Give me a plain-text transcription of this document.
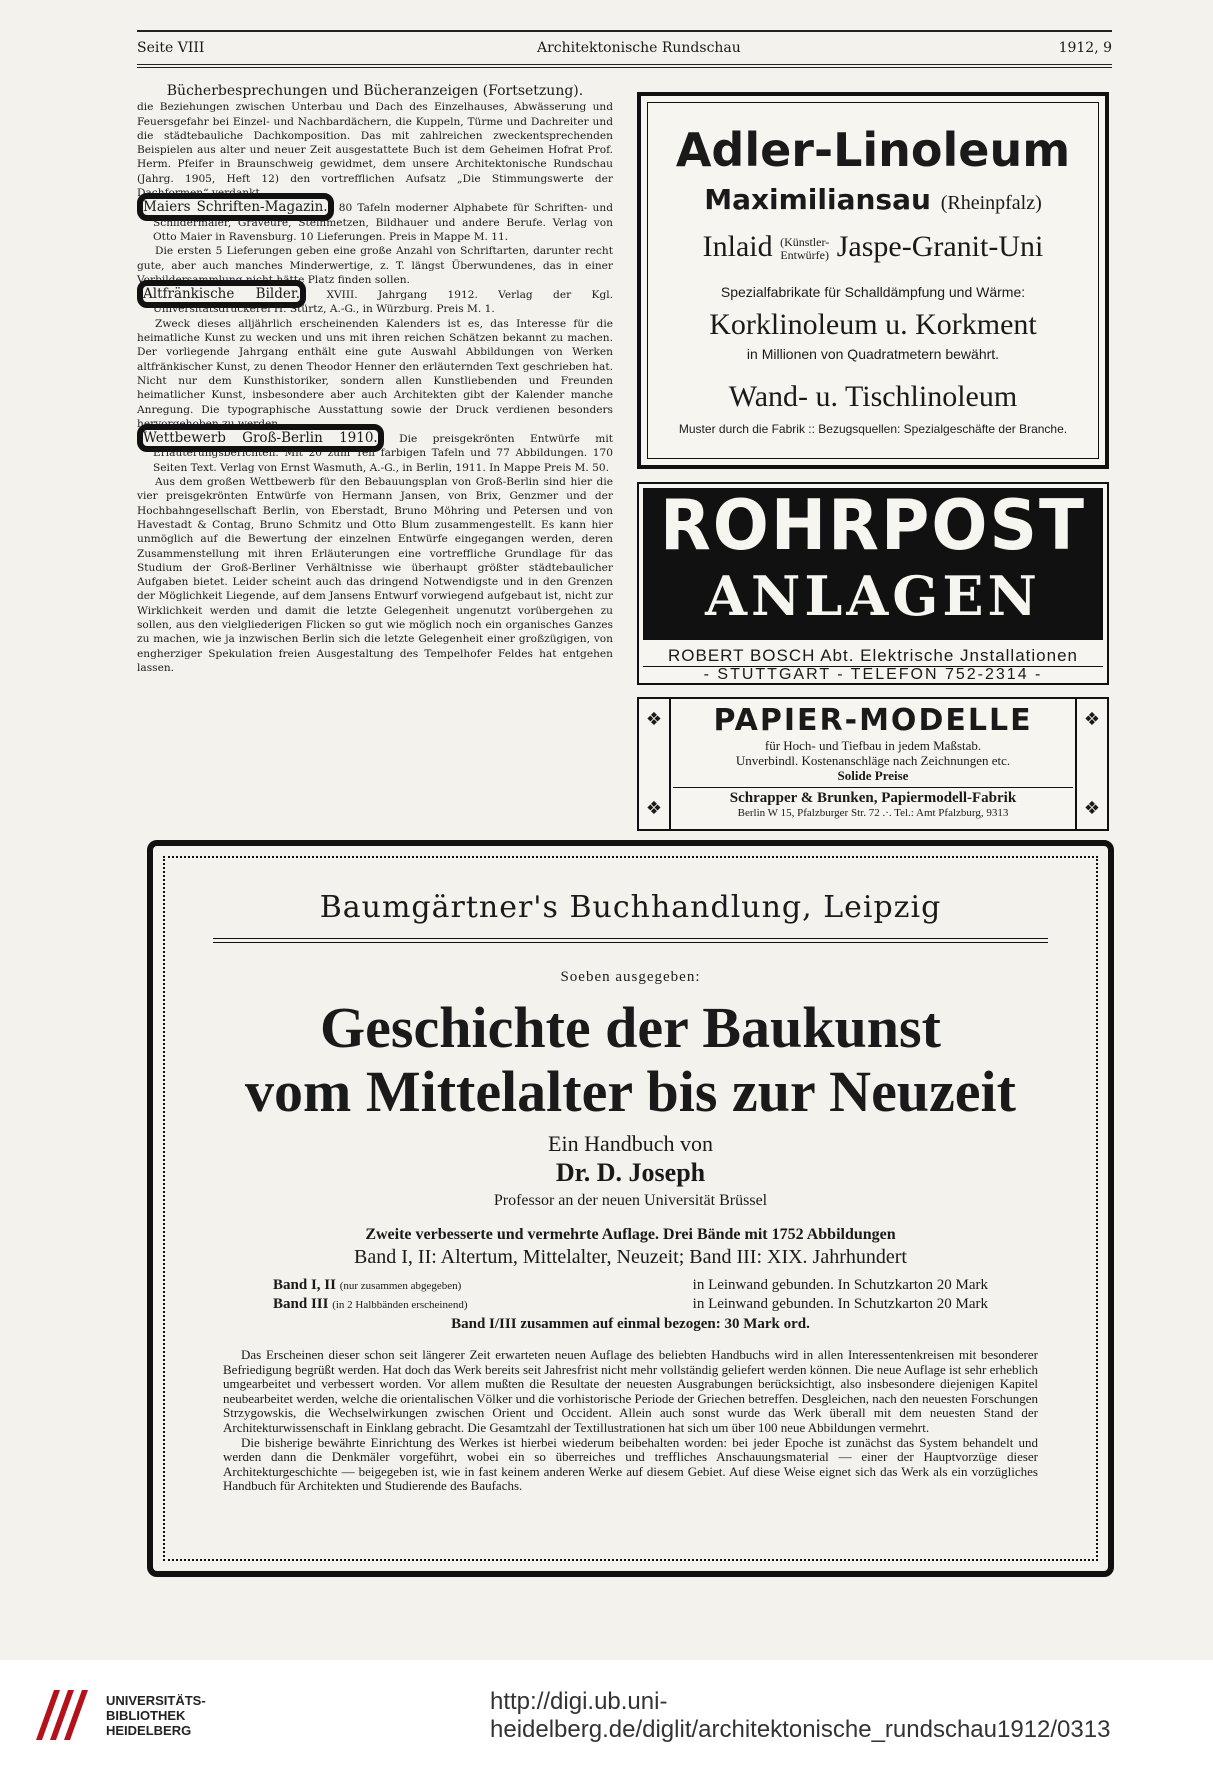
Seite VIII	Architektonische Rundschau	1912, 9
Bücherbesprechungen und Bücheranzeigen (Fortsetzung).

die Beziehungen zwischen Unterbau und Dach des Einzelhauses, Abwässerung und Feuersgefahr bei Einzel- und Nachbardächern, die Kuppeln, Türme und Dachreiter und die städtebauliche Dachkomposition. Das mit zahlreichen zweckentsprechenden Beispielen aus alter und neuer Zeit ausgestattete Buch ist dem Geheimen Hofrat Prof. Herm. Pfeifer in Braunschweig gewidmet, dem unsere Architektonische Rundschau (Jahrg. 1905, Heft 12) den vortrefflichen Aufsatz „Die Stimmungswerte der Dachformen“ verdankt.

Maiers Schriften-Magazin. 80 Tafeln moderner Alphabete für Schriften- und Schildermaler, Graveure, Steinmetzen, Bildhauer und andere Berufe. Verlag von Otto Maier in Ravensburg. 10 Lieferungen. Preis in Mappe M. 11.

Die ersten 5 Lieferungen geben eine große Anzahl von Schriftarten, darunter recht gute, aber auch manches Minderwertige, z. T. längst Überwundenes, das in einer Vorbildersammlung nicht hätte Platz finden sollen.

Altfränkische Bilder. XVIII. Jahrgang 1912. Verlag der Kgl. Universitätsdruckerei H. Stürtz, A.-G., in Würzburg. Preis M. 1.

Zweck dieses alljährlich erscheinenden Kalenders ist es, das Interesse für die heimatliche Kunst zu wecken und uns mit ihren reichen Schätzen bekannt zu machen. Der vorliegende Jahrgang enthält eine gute Auswahl Abbildungen von Werken altfränkischer Kunst, zu denen Theodor Henner den erläuternden Text geschrieben hat. Nicht nur dem Kunsthistoriker, sondern allen Kunstliebenden und Freunden heimatlicher Kunst, insbesondere aber auch Architekten gibt der Kalender manche Anregung. Die typographische Ausstattung sowie der Druck verdienen besonders hervorgehoben zu werden.

Wettbewerb Groß-Berlin 1910. Die preisgekrönten Entwürfe mit Erläuterungsberichten. Mit 20 zum Teil farbigen Tafeln und 77 Abbildungen. 170 Seiten Text. Verlag von Ernst Wasmuth, A.-G., in Berlin, 1911. In Mappe Preis M. 50.

Aus dem großen Wettbewerb für den Bebauungsplan von Groß-Berlin sind hier die vier preisgekrönten Entwürfe von Hermann Jansen, von Brix, Genzmer und der Hochbahngesellschaft Berlin, von Eberstadt, Bruno Möhring und Petersen und von Havestadt & Contag, Bruno Schmitz und Otto Blum zusammengestellt. Es kann hier unmöglich auf die Bewertung der einzelnen Entwürfe eingegangen werden, deren Zusammenstellung mit ihren Erläuterungen eine vortreffliche Grundlage für das Studium der Groß-Berliner Verhältnisse wie überhaupt größter städtebaulicher Aufgaben bietet. Leider scheint auch das dringend Notwendigste und in den Grenzen der Möglichkeit Liegende, auf dem Jansens Entwurf vorwiegend aufgebaut ist, nicht zur Wirklichkeit werden und damit die letzte Gelegenheit ungenutzt vorübergehen zu sollen, aus den vielgliederigen Flicken so gut wie möglich noch ein organisches Ganzes zu machen, wie ja inzwischen Berlin sich die letzte Gelegenheit einer großzügigen, von engherziger Spekulation freien Ausgestaltung des Tempelhofer Feldes hat entgehen lassen.

Adler-Linoleum
Maximiliansau (Rheinpfalz)
Inlaid (Künstler-
Entwürfe) Jaspe-Granit-Uni
Spezialfabrikate für Schalldämpfung und Wärme:
Korklinoleum u. Korkment
in Millionen von Quadratmetern bewährt.
Wand- u. Tischlinoleum
Muster durch die Fabrik :: Bezugsquellen: Spezialgeschäfte der Branche.
ROHRPOST
ANLAGEN
ROBERT BOSCH Abt. Elektrische Jnstallationen
- STUTTGART - TELEFON 752-2314 -
❖
❖
PAPIER-MODELLE
für Hoch- und Tiefbau in jedem Maßstab.
Unverbindl. Kostenanschläge nach Zeichnungen etc.
Solide Preise
Schrapper & Brunken, Papiermodell-Fabrik
Berlin W 15, Pfalzburger Str. 72 .·. Tel.: Amt Pfalzburg, 9313
❖
❖
Baumgärtner's Buchhandlung, Leipzig
Soeben ausgegeben:
Geschichte der Baukunst
vom Mittelalter bis zur Neuzeit
Ein Handbuch von
Dr. D. Joseph
Professor an der neuen Universität Brüssel
Zweite verbesserte und vermehrte Auflage. Drei Bände mit 1752 Abbildungen
Band I, II: Altertum, Mittelalter, Neuzeit; Band III: XIX. Jahrhundert
Band I, II (nur zusammen abgegeben)	in Leinwand gebunden. In Schutzkarton 20 Mark
Band III (in 2 Halbbänden erscheinend)	in Leinwand gebunden. In Schutzkarton 20 Mark
Band I/III zusammen auf einmal bezogen: 30 Mark ord.

Das Erscheinen dieser schon seit längerer Zeit erwarteten neuen Auflage des beliebten Handbuchs wird in allen Interessentenkreisen mit besonderer Befriedigung begrüßt werden. Hat doch das Werk bereits seit Jahresfrist nicht mehr vollständig geliefert werden können. Die neue Auflage ist sehr erheblich umgearbeitet und verbessert worden. Vor allem mußten die Resultate der neuesten Ausgrabungen berücksichtigt, also insbesondere diejenigen Kapitel neubearbeitet werden, welche die orientalischen Völker und die vorhistorische Periode der Griechen betreffen. Desgleichen, nach den neuesten Forschungen Strzygowskis, die Wechselwirkungen zwischen Orient und Occident. Allein auch sonst wurde das Werk überall mit dem neuesten Stand der Architekturwissenschaft in Einklang gebracht. Die Gesamtzahl der Textillustrationen hat sich um über 100 neue Abbildungen vermehrt.

Die bisherige bewährte Einrichtung des Werkes ist hierbei wiederum beibehalten worden: bei jeder Epoche ist zunächst das System behandelt und werden dann die Denkmäler vorgeführt, wobei ein so überreiches und treffliches Anschauungsmaterial — einer der Hauptvorzüge dieser Architekturgeschichte — beigegeben ist, wie in fast keinem anderen Werke auf diesem Gebiet. Auf diese Weise eignet sich das Werk als ein vorzügliches Handbuch für Architekten und Studierende des Baufachs.

UNIVERSITÄTS-
BIBLIOTHEK
HEIDELBERG
http://digi.ub.uni-heidelberg.de/diglit/architektonische_rundschau1912/0313
